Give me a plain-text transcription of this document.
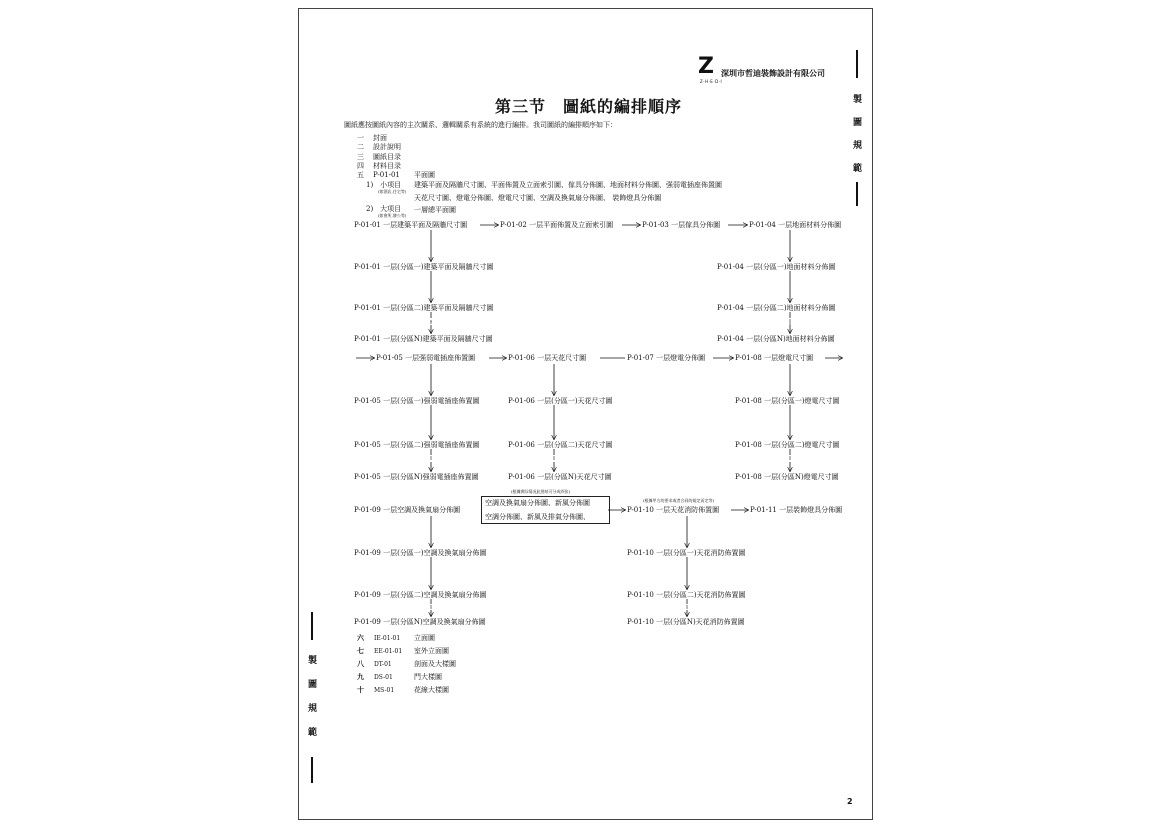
Z
Z·H·E·D·I
深圳市哲迪裝飾設計有限公司
製
圖
規
範
製
圖
規
範
第三节　圖紙的編排順序
圖紙應按圖紙內容的主次關系、邏輯關系有系統的進行編排。我司圖紙的編排順序如下：
一 封面
二 設計說明
三 圖紙目录
四 材料目录
五 P-01-01 平面圖
1)　小项目
(如酒店,住宅等)
建築平面及隔牆尺寸圖、平面佈置及立面索引圖、傢具分佈圖、地面材料分佈圖、强弱電插座佈置圖
天花尺寸圖、燈電分佈圖、燈電尺寸圖、空調及換氣扇分佈圖、 裝飾燈具分佈圖
2)　大项目
(如會所,辦公等)
一層總平面圖
P-01-01 一层建築平面及隔牆尺寸圖	P-01-02 一层平面佈置及立面索引圖	P-01-03 一层傢具分佈圖	P-01-04 一层地面材料分佈圖
P-01-01 一层(分區一)建築平面及隔牆尺寸圖
P-01-01 一层(分區二)建築平面及隔牆尺寸圖
P-01-01 一层(分區N)建築平面及隔牆尺寸圖
P-01-04 一层(分區一)地面材料分佈圖
P-01-04 一层(分區二)地面材料分佈圖
P-01-04 一层(分區N)地面材料分佈圖
P-01-05 一层强弱電插座佈置圖	P-01-06 一层天花尺寸圖	P-01-07 一层燈電分佈圖	P-01-08 一层燈電尺寸圖
P-01-05 一层(分區一)强弱電插座佈置圖
P-01-05 一层(分區二)强弱電插座佈置圖
P-01-05 一层(分區N)强弱電插座佈置圖
P-01-06 一层(分區一)天花尺寸圖
P-01-06 一层(分區二)天花尺寸圖
P-01-06 一层(分區N)天花尺寸圖
P-01-08 一层(分區一)燈電尺寸圖
P-01-08 一层(分區二)燈電尺寸圖
P-01-08 一层(分區N)燈電尺寸圖
P-01-09 一层空調及換氣扇分佈圖
(根據實际情况此图纸可分成四张)
空調及換氣扇分佈圖、新風分佈圖
空調分佈圖、新風及排氣分佈圖、
(根據甲方的要求或者合同的規定而定等)
P-01-10 一层天花消防佈置圖	P-01-11 一层裝飾燈具分佈圖
P-01-09 一层(分區一)空調及換氣扇分佈圖
P-01-09 一层(分區二)空調及換氣扇分佈圖
P-01-09 一层(分區N)空調及換氣扇分佈圖
P-01-10 一层(分區一)天花消防佈置圖
P-01-10 一层(分區二)天花消防佈置圖
P-01-10 一层(分區N)天花消防佈置圖
六 IE-01-01 立面圖
七 EE-01-01 室外立面圖
八 DT-01	剖面及大樣圖
九 DS-01	門大樣圖
十 MS-01	花線大樣圖
2
